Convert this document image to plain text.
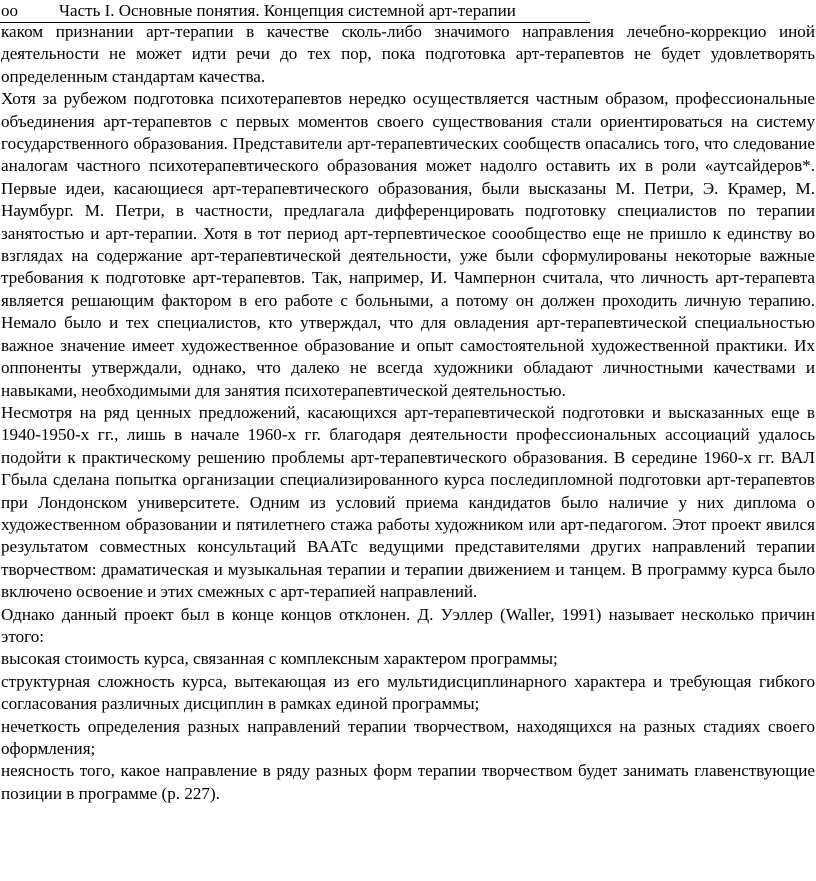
оо Часть I. Основные понятия. Концепция системной арт-терапии

каком признании арт-терапии в качестве сколь-либо значимого направления лечебно-коррекцио иной деятельности не может идти речи до тех пор, пока подготовка арт-терапевтов не будет удовлетворять определенным стандартам качества.

Хотя за рубежом подготовка психотерапевтов нередко осуществляется частным образом, профессиональные объединения арт-терапевтов с первых моментов своего существования стали ориентироваться на систему государственного образования. Представители арт-терапевтических сообществ опасались того, что следование аналогам частного психотерапевтического образования может надолго оставить их в роли «аутсайдеров*. Первые идеи, касающиеся арт-терапевтического образования, были высказаны М. Петри, Э. Крамер, М. Наумбург. М. Петри, в частности, предлагала дифференцировать подготовку специалистов по терапии занятостью и арт-терапии. Хотя в тот период арт-терпевтическое соообщество еще не пришло к единству во взглядах на содержание арт-терапевтической деятельности, уже были сформулированы некоторые важные требования к подготовке арт-терапевтов. Так, например, И. Чампернон считала, что личность арт-терапевта является решающим фактором в его работе с больными, а потому он должен проходить личную терапию. Немало было и тех специалистов, кто утверждал, что для овладения арт-терапевтической специальностью важное значение имеет художественное образование и опыт самостоятельной художественной практики. Их оппоненты утверждали, однако, что далеко не всегда художники обладают личностными качествами и навыками, необходимыми для занятия психотерапевтической деятельностью.

Несмотря на ряд ценных предложений, касающихся арт-терапевтической подготовки и высказанных еще в 1940-1950-х гг., лишь в начале 1960-х гг. благодаря деятельности профессиональных ассоциаций удалось подойти к практическому решению проблемы арт-терапевтического образования. В середине 1960-х гг. ВАЛ Гбыла сделана попытка организации специализированного курса последипломной подготовки арт-терапевтов при Лондонском университете. Одним из условий приема кандидатов было наличие у них диплома о художественном образовании и пятилетнего стажа работы художником или арт-педагогом. Этот проект явился результатом совместных консультаций ВААТс ведущими представителями других направлений терапии творчеством: драматическая и музыкальная терапии и терапии движением и танцем. В программу курса было включено освоение и этих смежных с арт-терапией направлений.

Однако данный проект был в конце концов отклонен. Д. Уэллер (Waller, 1991) называет несколько причин этого:

высокая стоимость курса, связанная с комплексным характером программы;

структурная сложность курса, вытекающая из его мультидисциплинарного характера и требующая гибкого согласования различных дисциплин в рамках единой программы;

нечеткость определения разных направлений терапии творчеством, находящихся на разных стадиях своего оформления;

неясность того, какое направление в ряду разных форм терапии творчеством будет занимать главенствующие позиции в программе (р. 227).
